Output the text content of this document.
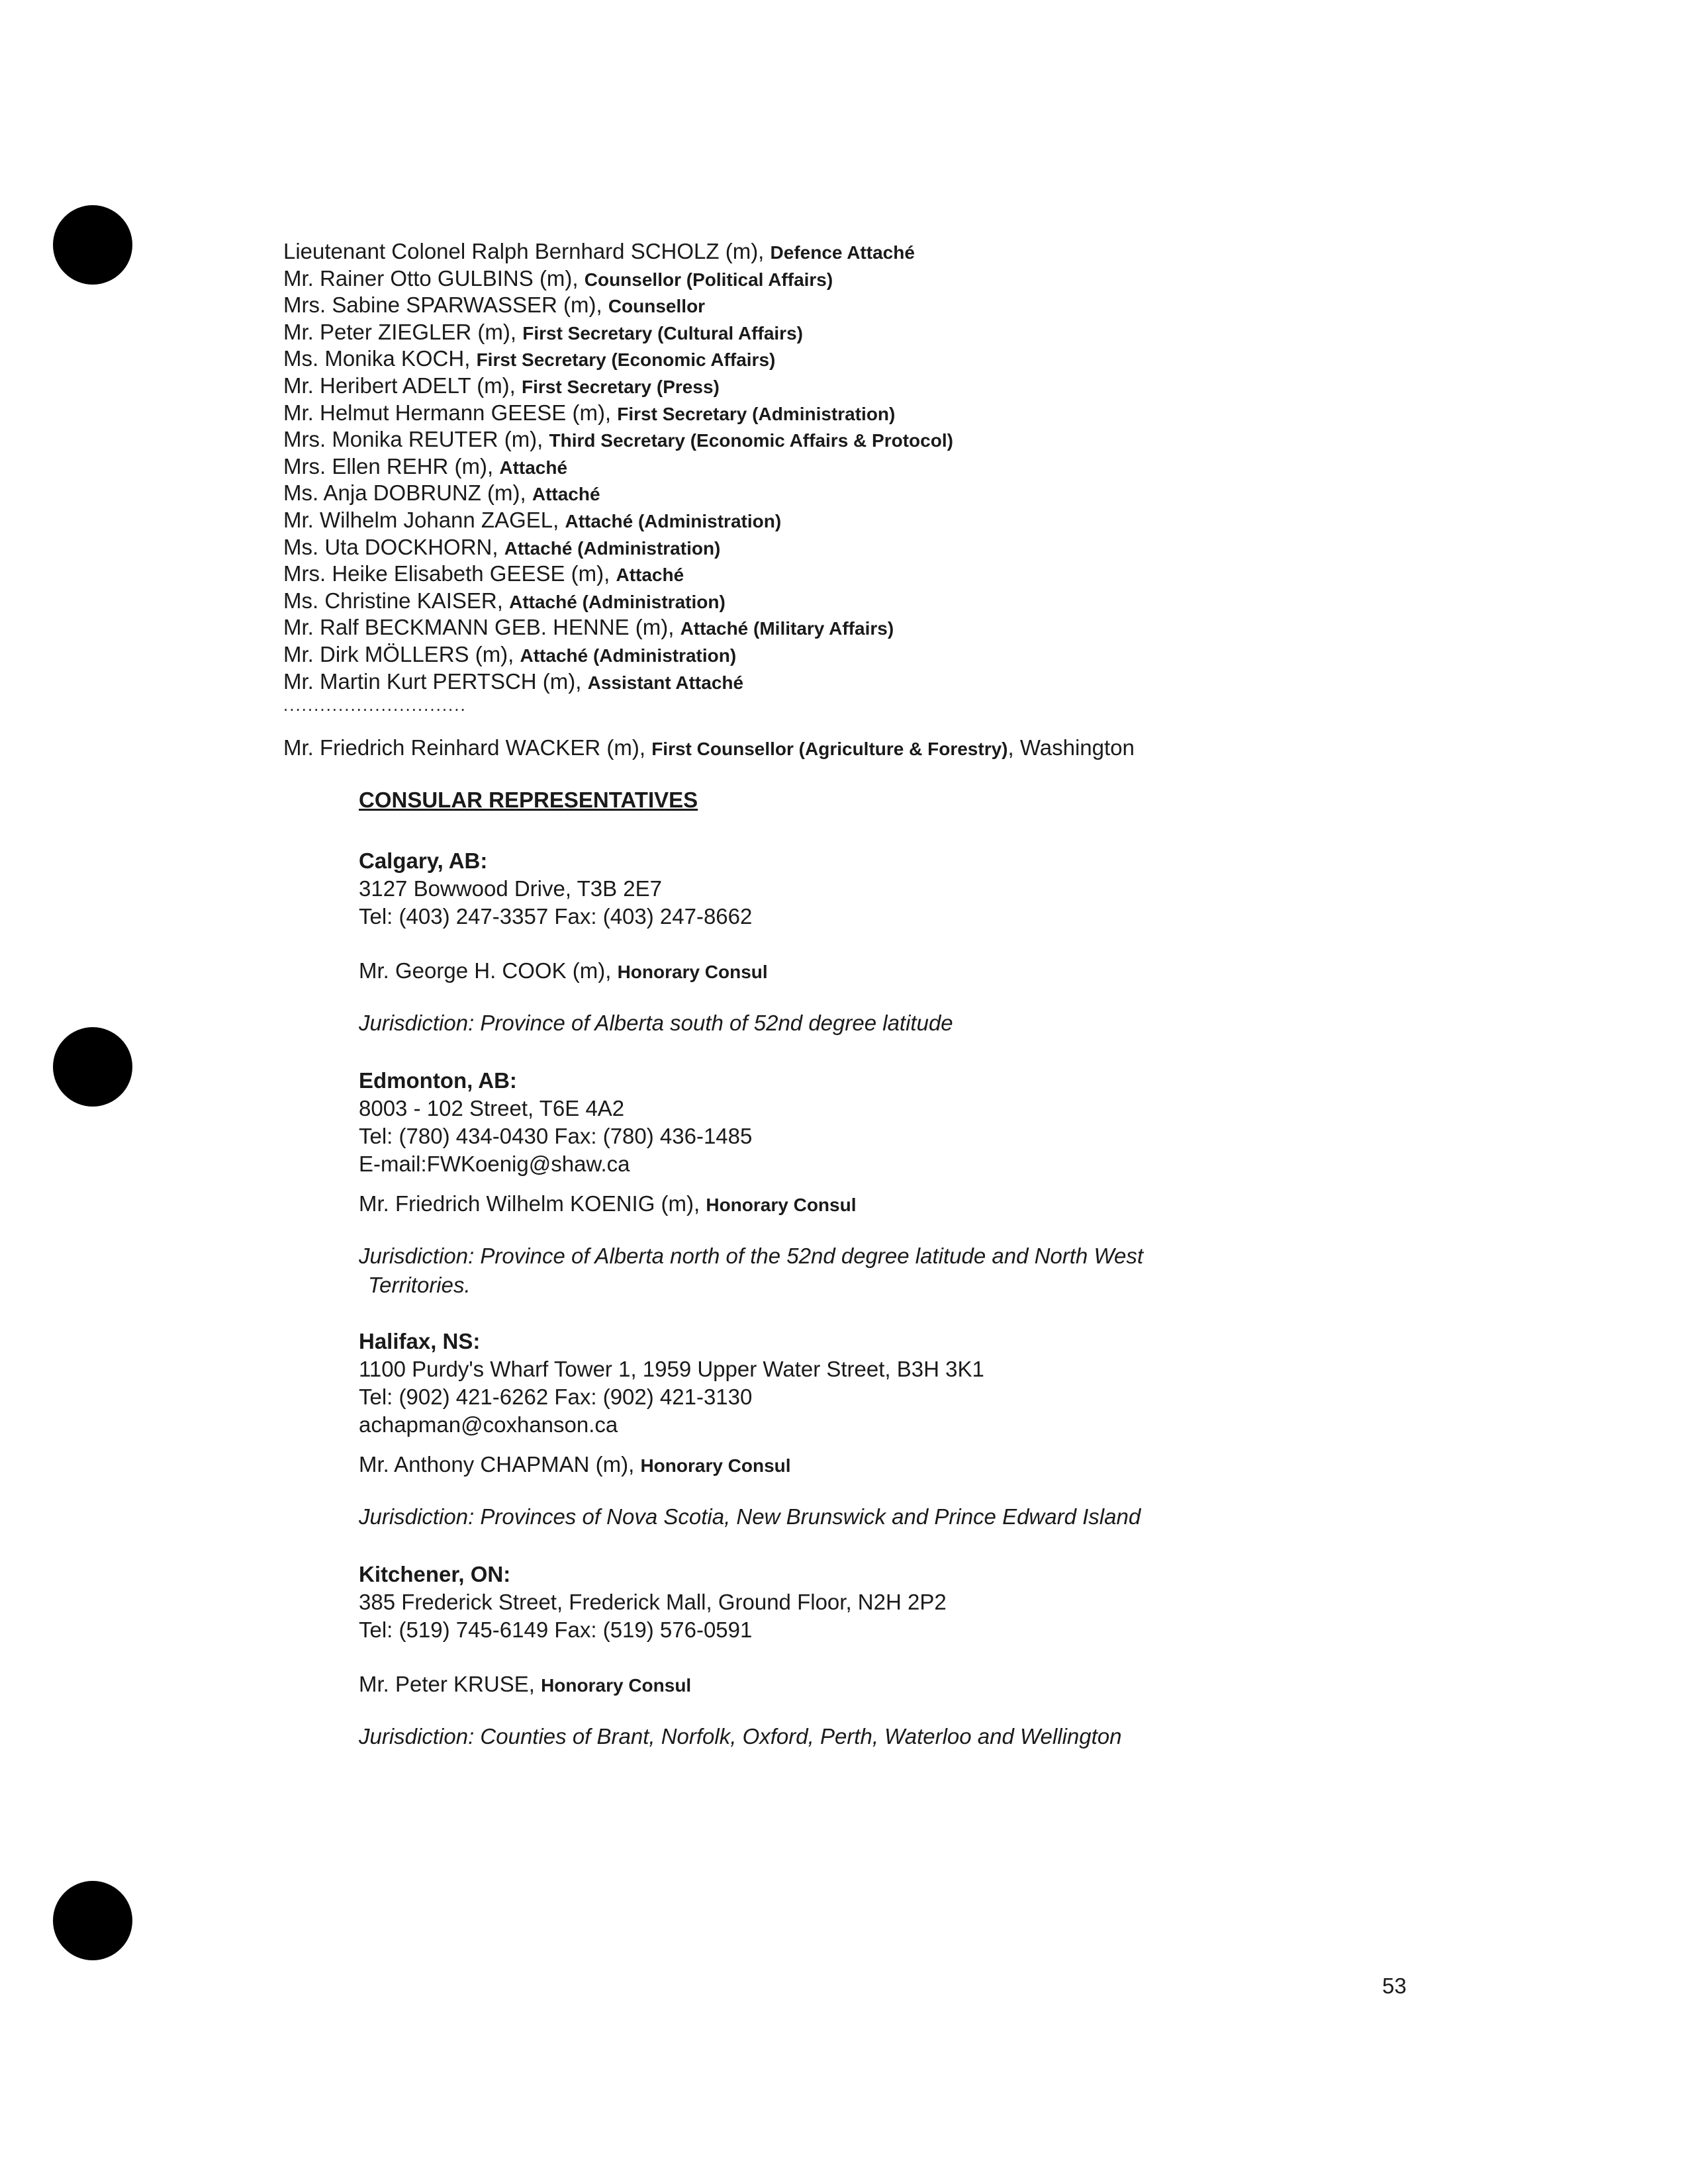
Lieutenant Colonel Ralph Bernhard SCHOLZ (m), Defence Attaché
Mr. Rainer Otto GULBINS (m), Counsellor (Political Affairs)
Mrs. Sabine SPARWASSER (m), Counsellor
Mr. Peter ZIEGLER (m), First Secretary (Cultural Affairs)
Ms. Monika KOCH, First Secretary (Economic Affairs)
Mr. Heribert ADELT (m), First Secretary (Press)
Mr. Helmut Hermann GEESE (m), First Secretary (Administration)
Mrs. Monika REUTER (m), Third Secretary (Economic Affairs & Protocol)
Mrs. Ellen REHR (m), Attaché
Ms. Anja DOBRUNZ (m), Attaché
Mr. Wilhelm Johann ZAGEL, Attaché (Administration)
Ms. Uta DOCKHORN, Attaché (Administration)
Mrs. Heike Elisabeth GEESE (m), Attaché
Ms. Christine KAISER, Attaché (Administration)
Mr. Ralf BECKMANN GEB. HENNE (m), Attaché (Military Affairs)
Mr. Dirk MÖLLERS (m), Attaché (Administration)
Mr. Martin Kurt PERTSCH (m), Assistant Attaché
..............................
Mr. Friedrich Reinhard WACKER (m), First Counsellor (Agriculture & Forestry), Washington
CONSULAR REPRESENTATIVES
Calgary, AB:
3127 Bowwood Drive, T3B 2E7
Tel: (403) 247-3357 Fax: (403) 247-8662
Mr. George H. COOK (m), Honorary Consul
Jurisdiction: Province of Alberta south of 52nd degree latitude
Edmonton, AB:
8003 - 102 Street, T6E 4A2
Tel: (780) 434-0430 Fax: (780) 436-1485
E-mail:FWKoenig@shaw.ca
Mr. Friedrich Wilhelm KOENIG (m), Honorary Consul
Jurisdiction: Province of Alberta north of the 52nd degree latitude and North West
Territories.
Halifax, NS:
1100 Purdy's Wharf Tower 1, 1959 Upper Water Street, B3H 3K1
Tel: (902) 421-6262 Fax: (902) 421-3130
achapman@coxhanson.ca
Mr. Anthony CHAPMAN (m), Honorary Consul
Jurisdiction: Provinces of Nova Scotia, New Brunswick and Prince Edward Island
Kitchener, ON:
385 Frederick Street, Frederick Mall, Ground Floor, N2H 2P2
Tel: (519) 745-6149 Fax: (519) 576-0591
Mr. Peter KRUSE, Honorary Consul
Jurisdiction: Counties of Brant, Norfolk, Oxford, Perth, Waterloo and Wellington
53
